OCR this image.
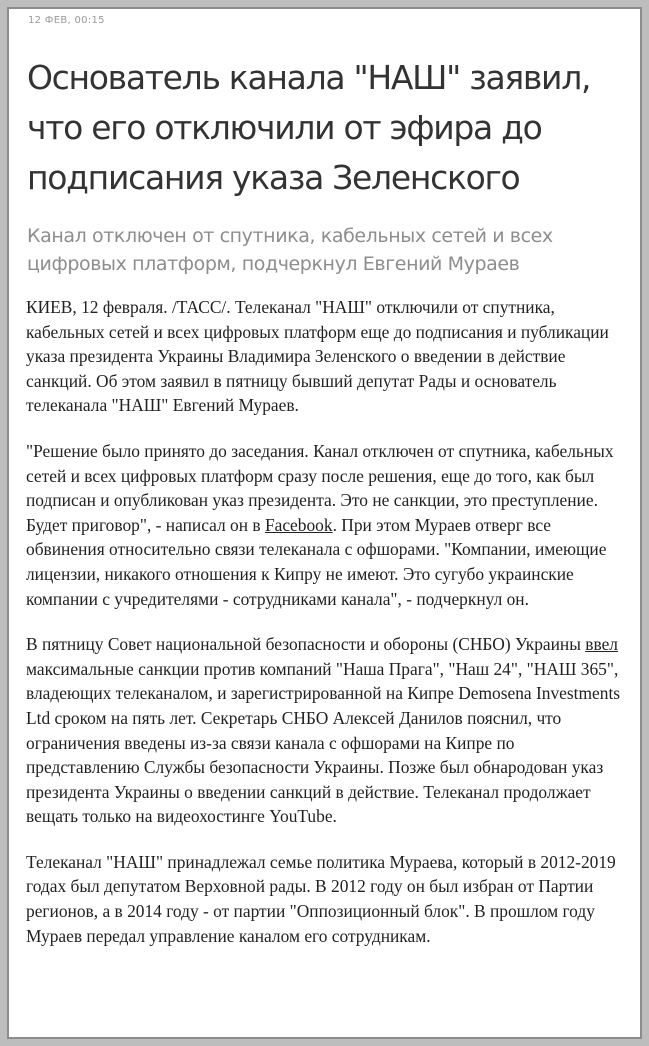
12 ФЕВ, 00:15
Основатель канала "НАШ" заявил, что его отключили от эфира до подписания указа Зеленского

Канал отключен от спутника, кабельных сетей и всех цифровых платформ, подчеркнул Евгений Мураев

КИЕВ, 12 февраля. /ТАСС/. Телеканал "НАШ" отключили от спутника, кабельных сетей и всех цифровых платформ еще до подписания и публикации указа президента Украины Владимира Зеленского о введении в действие санкций. Об этом заявил в пятницу бывший депутат Рады и основатель телеканала "НАШ" Евгений Мураев.

"Решение было принято до заседания. Канал отключен от спутника, кабельных сетей и всех цифровых платформ сразу после решения, еще до того, как был подписан и опубликован указ президента. Это не санкции, это преступление. Будет приговор", - написал он в Facebook. При этом Мураев отверг все обвинения относительно связи телеканала с офшорами. "Компании, имеющие лицензии, никакого отношения к Кипру не имеют. Это сугубо украинские компании с учредителями - сотрудниками канала", - подчеркнул он.

В пятницу Совет национальной безопасности и обороны (СНБО) Украины ввел максимальные санкции против компаний "Наша Прага", "Наш 24", "НАШ 365", владеющих телеканалом, и зарегистрированной на Кипре Demosena Investments Ltd сроком на пять лет. Секретарь СНБО Алексей Данилов пояснил, что ограничения введены из-за связи канала с офшорами на Кипре по представлению Службы безопасности Украины. Позже был обнародован указ президента Украины о введении санкций в действие. Телеканал продолжает вещать только на видеохостинге YouTube.

Телеканал "НАШ" принадлежал семье политика Мураева, который в 2012-2019 годах был депутатом Верховной рады. В 2012 году он был избран от Партии регионов, а в 2014 году - от партии "Оппозиционный блок". В прошлом году Мураев передал управление каналом его сотрудникам.
